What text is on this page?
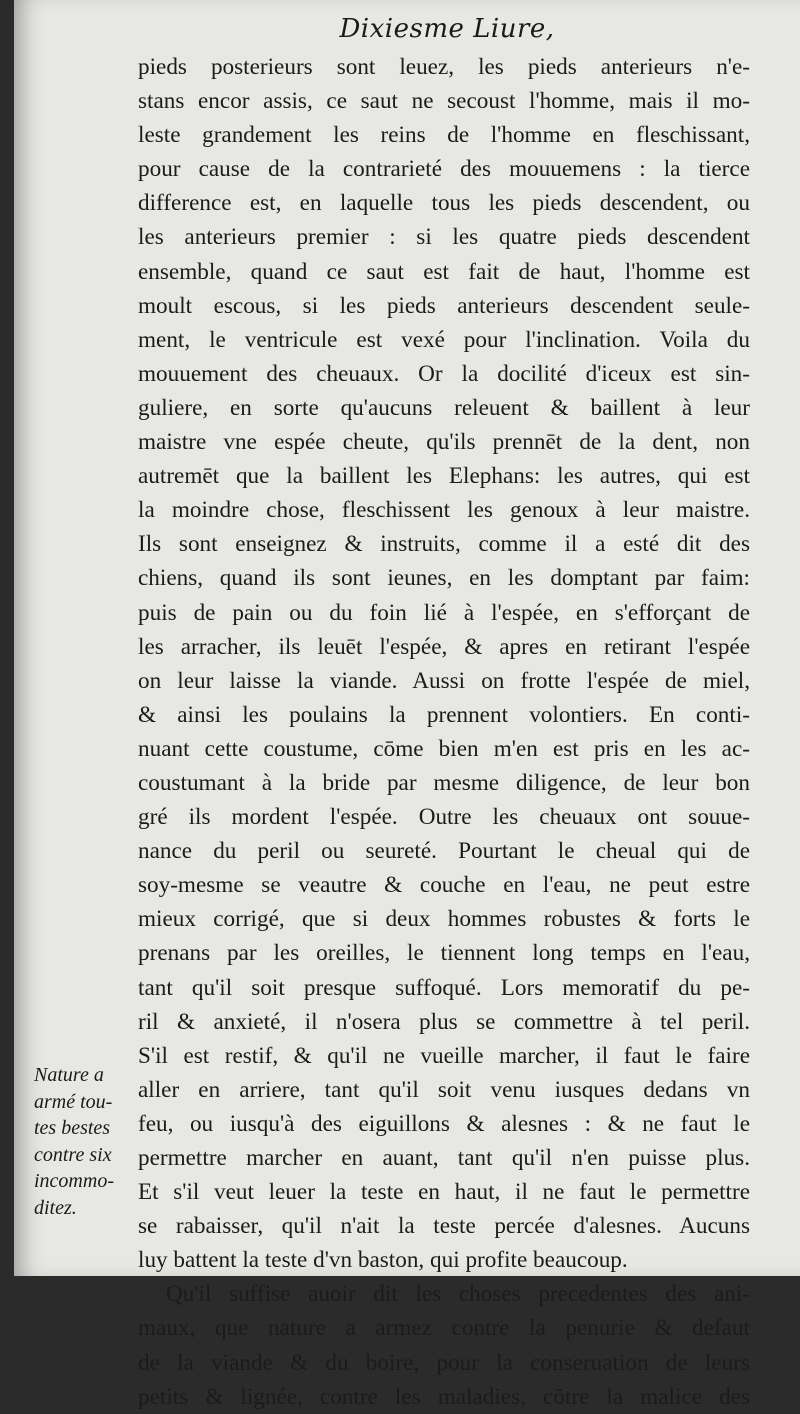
Dixiesme Liure,
pieds posterieurs sont leuez, les pieds anterieurs n'e-
stans encor assis, ce saut ne secoust l'homme, mais il mo-
leste grandement les reins de l'homme en fleschissant,
pour cause de la contrarieté des mouuemens : la tierce
difference est, en laquelle tous les pieds descendent, ou
les anterieurs premier : si les quatre pieds descendent
ensemble, quand ce saut est fait de haut, l'homme est
moult escous, si les pieds anterieurs descendent seule-
ment, le ventricule est vexé pour l'inclination. Voila du
mouuement des cheuaux. Or la docilité d'iceux est sin-
guliere, en sorte qu'aucuns releuent & baillent à leur
maistre vne espée cheute, qu'ils prennēt de la dent, non
autremēt que la baillent les Elephans: les autres, qui est
la moindre chose, fleschissent les genoux à leur maistre.
Ils sont enseignez & instruits, comme il a esté dit des
chiens, quand ils sont ieunes, en les domptant par faim:
puis de pain ou du foin lié à l'espée, en s'efforçant de
les arracher, ils leuēt l'espée, & apres en retirant l'espée
on leur laisse la viande. Aussi on frotte l'espée de miel,
& ainsi les poulains la prennent volontiers. En conti-
nuant cette coustume, cōme bien m'en est pris en les ac-
coustumant à la bride par mesme diligence, de leur bon
gré ils mordent l'espée. Outre les cheuaux ont souue-
nance du peril ou seureté. Pourtant le cheual qui de
soy-mesme se veautre & couche en l'eau, ne peut estre
mieux corrigé, que si deux hommes robustes & forts le
prenans par les oreilles, le tiennent long temps en l'eau,
tant qu'il soit presque suffoqué. Lors memoratif du pe-
ril & anxieté, il n'osera plus se commettre à tel peril.
S'il est restif, & qu'il ne vueille marcher, il faut le faire
aller en arriere, tant qu'il soit venu iusques dedans vn
feu, ou iusqu'à des eiguillons & alesnes : & ne faut le
permettre marcher en auant, tant qu'il n'en puisse plus.
Et s'il veut leuer la teste en haut, il ne faut le permettre
se rabaisser, qu'il n'ait la teste percée d'alesnes. Aucuns
luy battent la teste d'vn baston, qui profite beaucoup.
Qu'il suffise auoir dit les choses precedentes des ani-
maux, que nature a armez contre la penurie & defaut
de la viande & du boire, pour la conseruation de leurs
petits & lignée, contre les maladies, cōtre la malice des
Nature a
armé tou-
tes bestes
contre six
incommo-
ditez.
